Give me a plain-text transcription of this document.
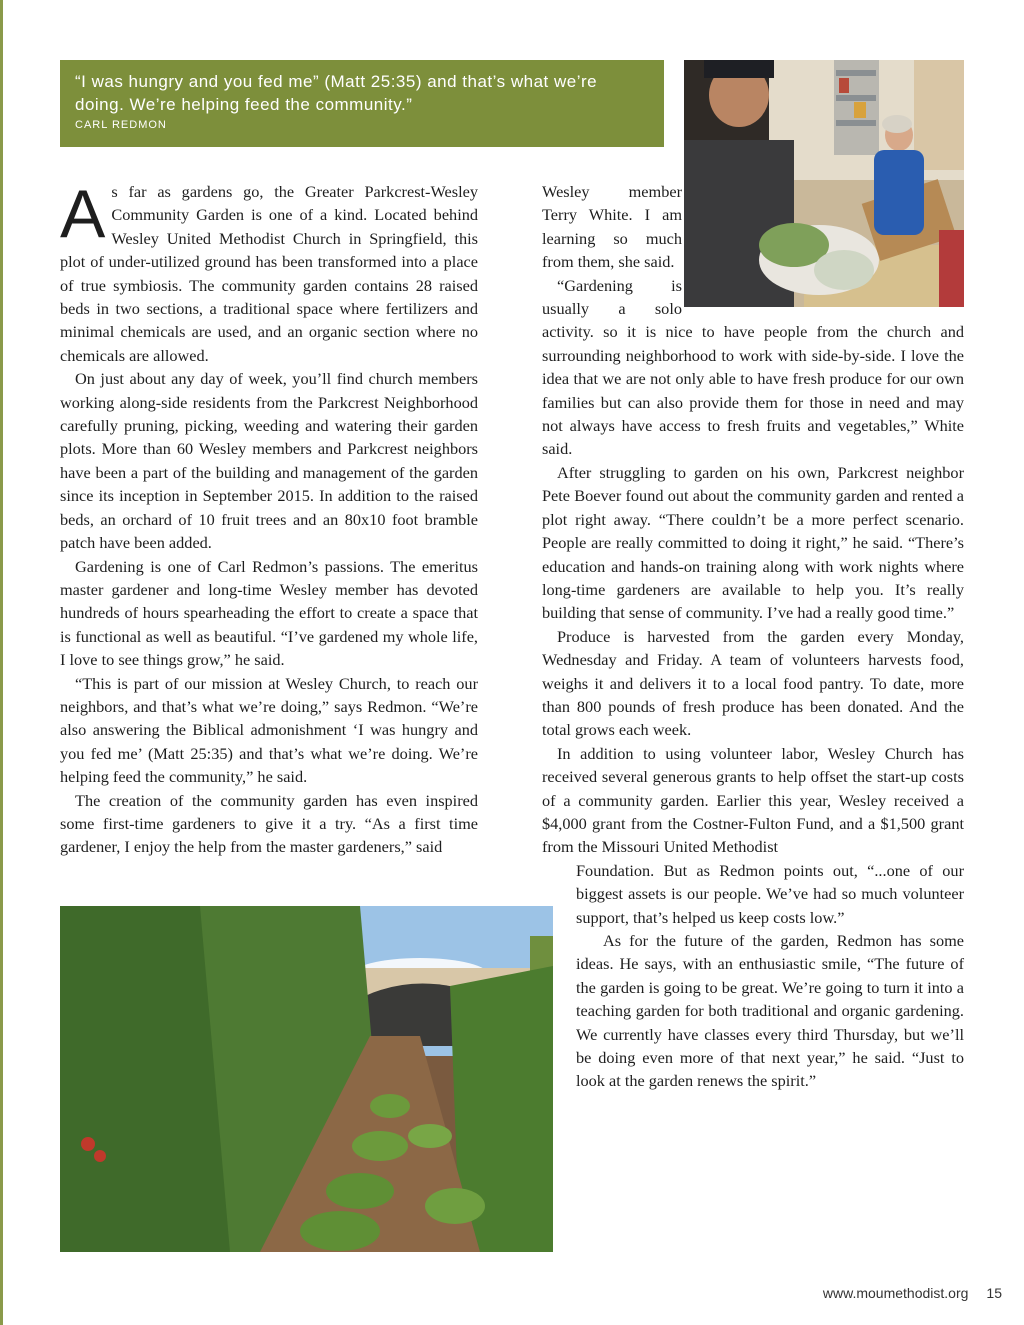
“I was hungry and you fed me” (Matt 25:35) and that’s what we’re doing. We’re helping feed the community.”

CARL REDMON

As far as gardens go, the Greater Parkcrest-Wesley Community Garden is one of a kind. Located behind Wesley United Methodist Church in Springfield, this plot of under-utilized ground has been transformed into a place of true symbiosis. The community garden contains 28 raised beds in two sections, a traditional space where fertilizers and minimal chemicals are used, and an organic section where no chemicals are allowed.

On just about any day of week, you’ll find church members working along-side residents from the Parkcrest Neighborhood carefully pruning, picking, weeding and watering their garden plots. More than 60 Wesley members and Parkcrest neighbors have been a part of the building and management of the garden since its inception in September 2015. In addition to the raised beds, an orchard of 10 fruit trees and an 80x10 foot bramble patch have been added.

Gardening is one of Carl Redmon’s passions. The emeritus master gardener and long-time Wesley member has devoted hundreds of hours spearheading the effort to create a space that is functional as well as beautiful. “I’ve gardened my whole life, I love to see things grow,” he said.

“This is part of our mission at Wesley Church, to reach our neighbors, and that’s what we’re doing,” says Redmon. “We’re also answering the Biblical admonishment ‘I was hungry and you fed me’ (Matt 25:35) and that’s what we’re doing. We’re helping feed the community,” he said.

The creation of the community garden has even inspired some first-time gardeners to give it a try. “As a first time gardener, I enjoy the help from the master gardeners,” said

Wesley member Terry White. I am learning so much from them, she said.

“Gardening is usually a solo activity. so it is nice to have people from the church and surrounding neighborhood to work with side-by-side. I love the idea that we are not only able to have fresh produce for our own families but can also provide them for those in need and may not always have access to fresh fruits and vegetables,” White said.

After struggling to garden on his own, Parkcrest neighbor Pete Boever found out about the community garden and rented a plot right away. “There couldn’t be a more perfect scenario. People are really committed to doing it right,” he said. “There’s education and hands-on training along with work nights where long-time gardeners are available to help you. It’s really building that sense of community. I’ve had a really good time.”

Produce is harvested from the garden every Monday, Wednesday and Friday. A team of volunteers harvests food, weighs it and delivers it to a local food pantry. To date, more than 800 pounds of fresh produce has been donated. And the total grows each week.

In addition to using volunteer labor, Wesley Church has received several generous grants to help offset the start-up costs of a community garden. Earlier this year, Wesley received a $4,000 grant from the Costner-Fulton Fund, and a $1,500 grant from the Missouri United Methodist

Foundation. But as Redmon points out, “...one of our biggest assets is our people. We’ve had so much volunteer support, that’s helped us keep costs low.”

As for the future of the garden, Redmon has some ideas. He says, with an enthusiastic smile, “The future of the garden is going to be great. We’re going to turn it into a teaching garden for both traditional and organic gardening. We currently have classes every third Thursday, but we’ll be doing even more of that next year,” he said. “Just to look at the garden renews the spirit.”

www.moumethodist.org 15
